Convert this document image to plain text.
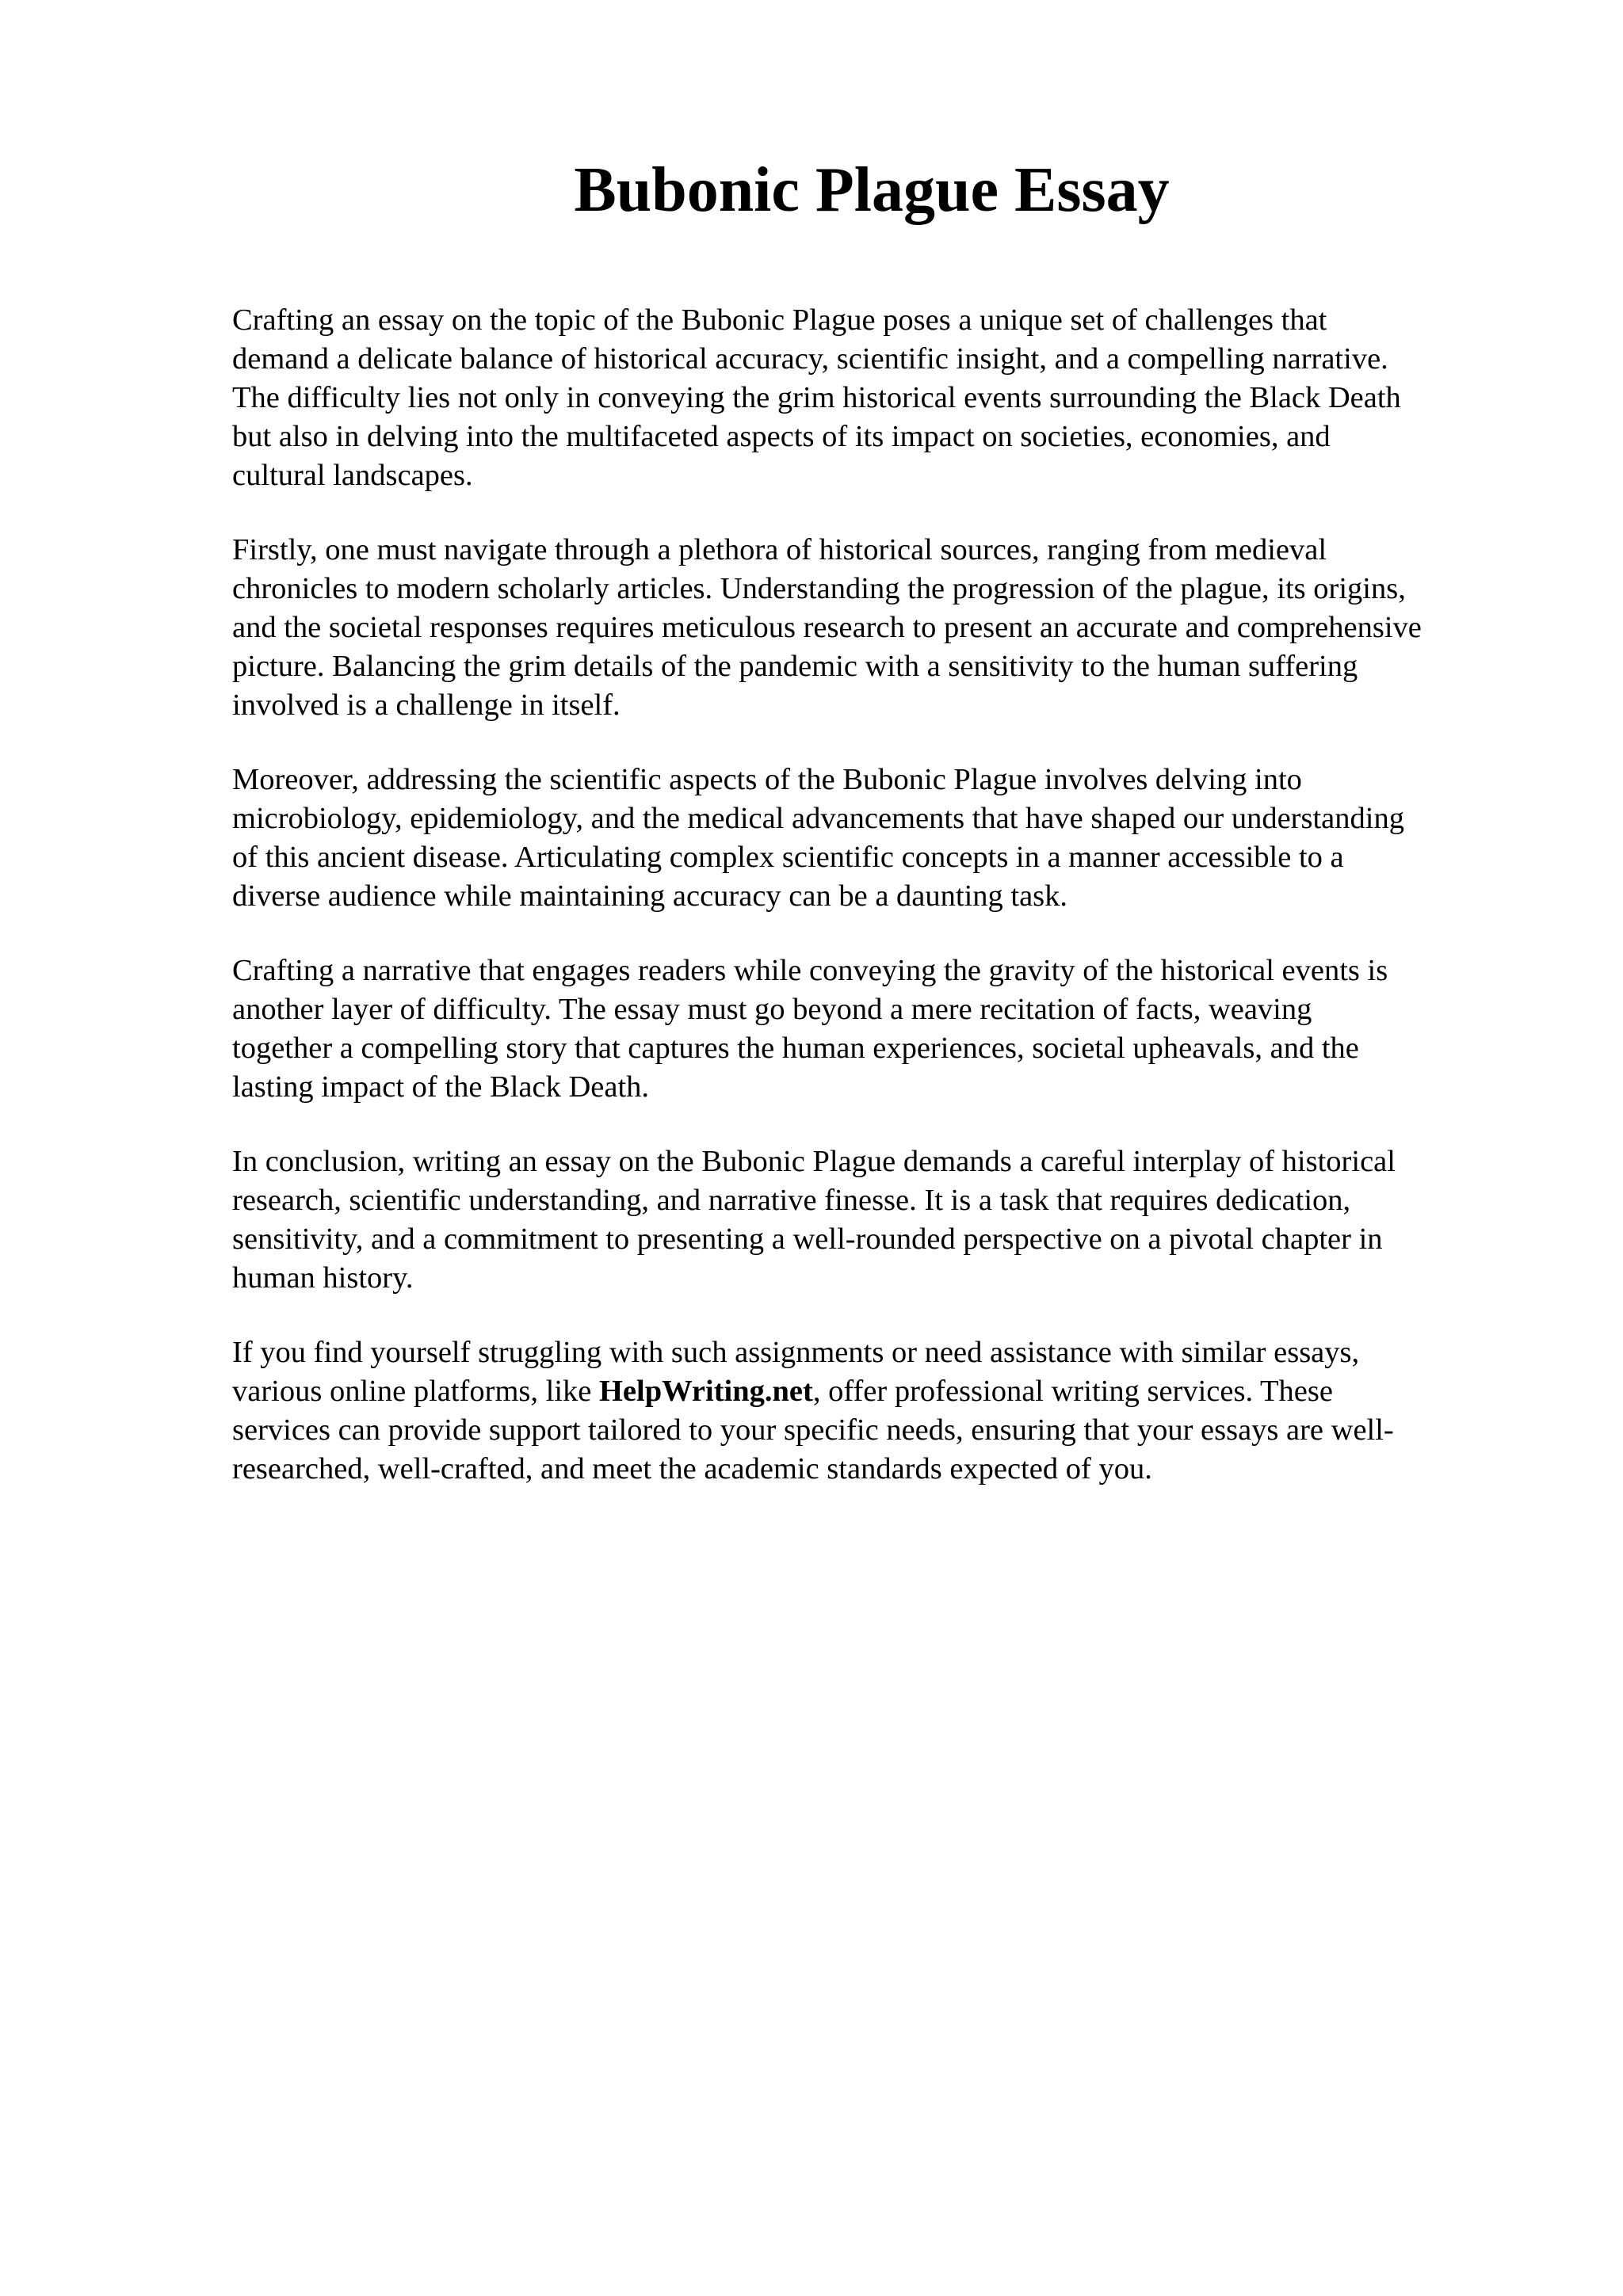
Bubonic Plague Essay

Crafting an essay on the topic of the Bubonic Plague poses a unique set of challenges that
demand a delicate balance of historical accuracy, scientific insight, and a compelling narrative.
The difficulty lies not only in conveying the grim historical events surrounding the Black Death
but also in delving into the multifaceted aspects of its impact on societies, economies, and
cultural landscapes.

Firstly, one must navigate through a plethora of historical sources, ranging from medieval
chronicles to modern scholarly articles. Understanding the progression of the plague, its origins,
and the societal responses requires meticulous research to present an accurate and comprehensive
picture. Balancing the grim details of the pandemic with a sensitivity to the human suffering
involved is a challenge in itself.

Moreover, addressing the scientific aspects of the Bubonic Plague involves delving into
microbiology, epidemiology, and the medical advancements that have shaped our understanding
of this ancient disease. Articulating complex scientific concepts in a manner accessible to a
diverse audience while maintaining accuracy can be a daunting task.

Crafting a narrative that engages readers while conveying the gravity of the historical events is
another layer of difficulty. The essay must go beyond a mere recitation of facts, weaving
together a compelling story that captures the human experiences, societal upheavals, and the
lasting impact of the Black Death.

In conclusion, writing an essay on the Bubonic Plague demands a careful interplay of historical
research, scientific understanding, and narrative finesse. It is a task that requires dedication,
sensitivity, and a commitment to presenting a well-rounded perspective on a pivotal chapter in
human history.

If you find yourself struggling with such assignments or need assistance with similar essays,
various online platforms, like HelpWriting.net, offer professional writing services. These
services can provide support tailored to your specific needs, ensuring that your essays are well-
researched, well-crafted, and meet the academic standards expected of you.
